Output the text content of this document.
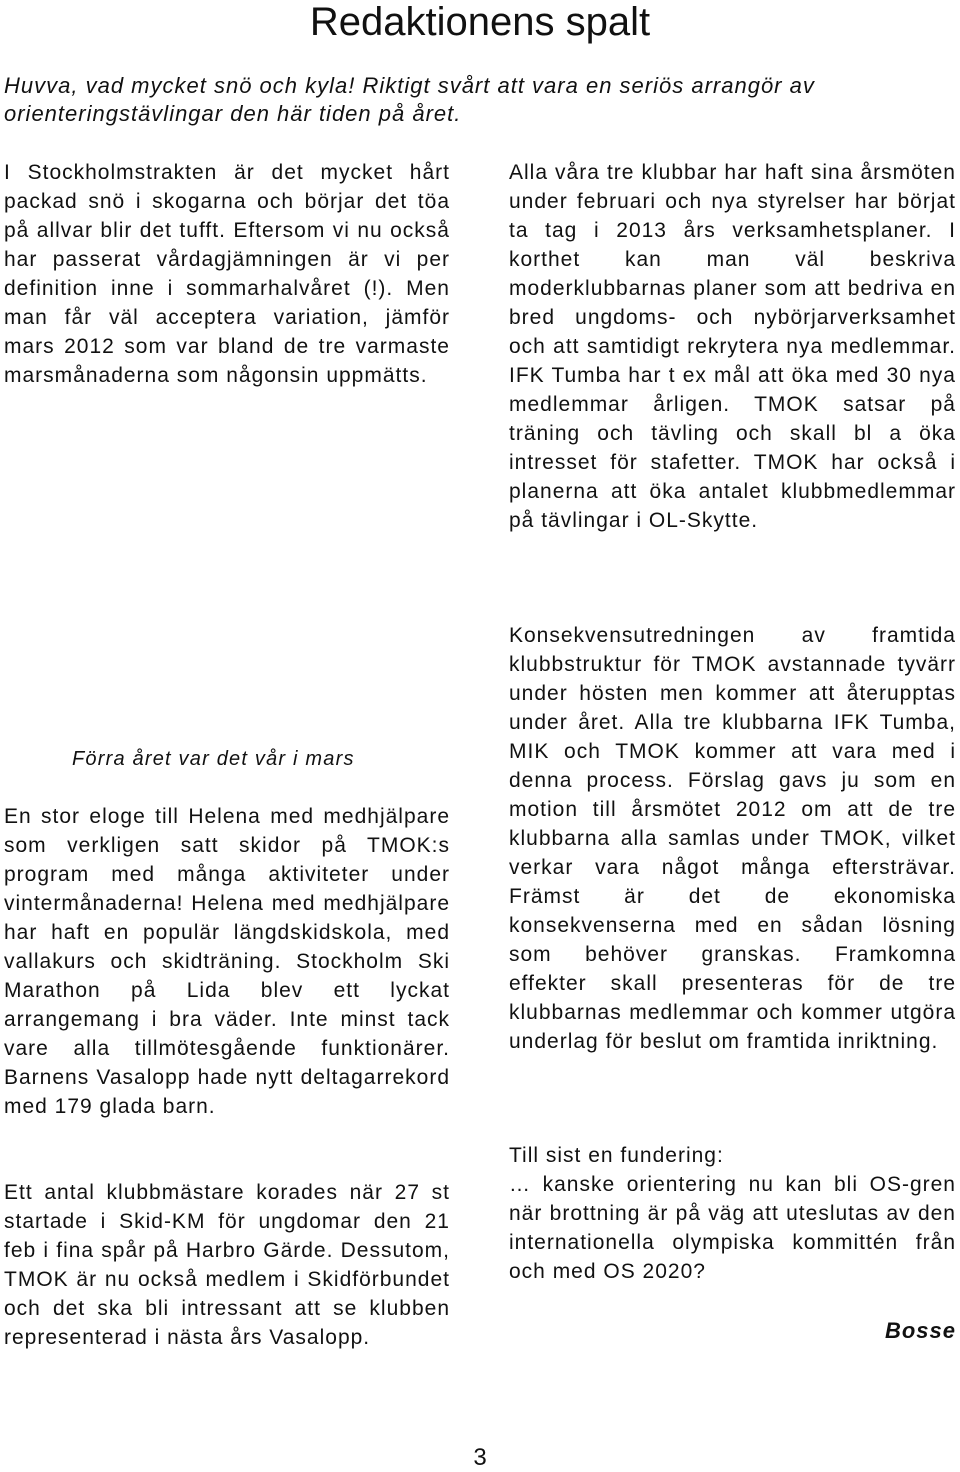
Redaktionens spalt
Huvva, vad mycket snö och kyla! Riktigt svårt att vara en seriös arrangör av orienteringstävlingar den här tiden på året.

I Stockholmstrakten är det mycket hårt packad snö i skogarna och börjar det töa på allvar blir det tufft. Eftersom vi nu också har passerat vårdagjämningen är vi per definition inne i sommarhalvåret (!). Men man får väl acceptera variation, jämför mars 2012 som var bland de tre varmaste marsmånaderna som någonsin uppmätts.

Förra året var det vår i mars

En stor eloge till Helena med medhjälpare som verkligen satt skidor på TMOK:s program med många aktiviteter under vintermånaderna! Helena med medhjälpare har haft en populär längdskidskola, med vallakurs och skidträning. Stockholm Ski Marathon på Lida blev ett lyckat arrangemang i bra väder. Inte minst tack vare alla tillmötesgående funktionärer. Barnens Vasalopp hade nytt deltagarrekord med 179 glada barn.

Ett antal klubbmästare korades när 27 st startade i Skid-KM för ungdomar den 21 feb i fina spår på Harbro Gärde. Dessutom, TMOK är nu också medlem i Skidförbundet och det ska bli intressant att se klubben representerad i nästa års Vasalopp.

Alla våra tre klubbar har haft sina årsmöten under februari och nya styrelser har börjat ta tag i 2013 års verksamhetsplaner. I korthet kan man väl beskriva moderklubbarnas planer som att bedriva en bred ungdoms- och nybörjarverksamhet och att samtidigt rekrytera nya medlemmar. IFK Tumba har t ex mål att öka med 30 nya medlemmar årligen. TMOK satsar på träning och tävling och skall bl a öka intresset för stafetter. TMOK har också i planerna att öka antalet klubbmedlemmar på tävlingar i OL-Skytte.

Konsekvensutredningen av framtida klubbstruktur för TMOK avstannade tyvärr under hösten men kommer att återupptas under året. Alla tre klubbarna IFK Tumba, MIK och TMOK kommer att vara med i denna process. Förslag gavs ju som en motion till årsmötet 2012 om att de tre klubbarna alla samlas under TMOK, vilket verkar vara något många eftersträvar. Främst är det de ekonomiska konsekvenserna med en sådan lösning som behöver granskas. Framkomna effekter skall presenteras för de tre klubbarnas medlemmar och kommer utgöra underlag för beslut om framtida inriktning.

Till sist en fundering:
… kanske orientering nu kan bli OS-gren när brottning är på väg att uteslutas av den internationella olympiska kommittén från och med OS 2020?
Bosse
3
